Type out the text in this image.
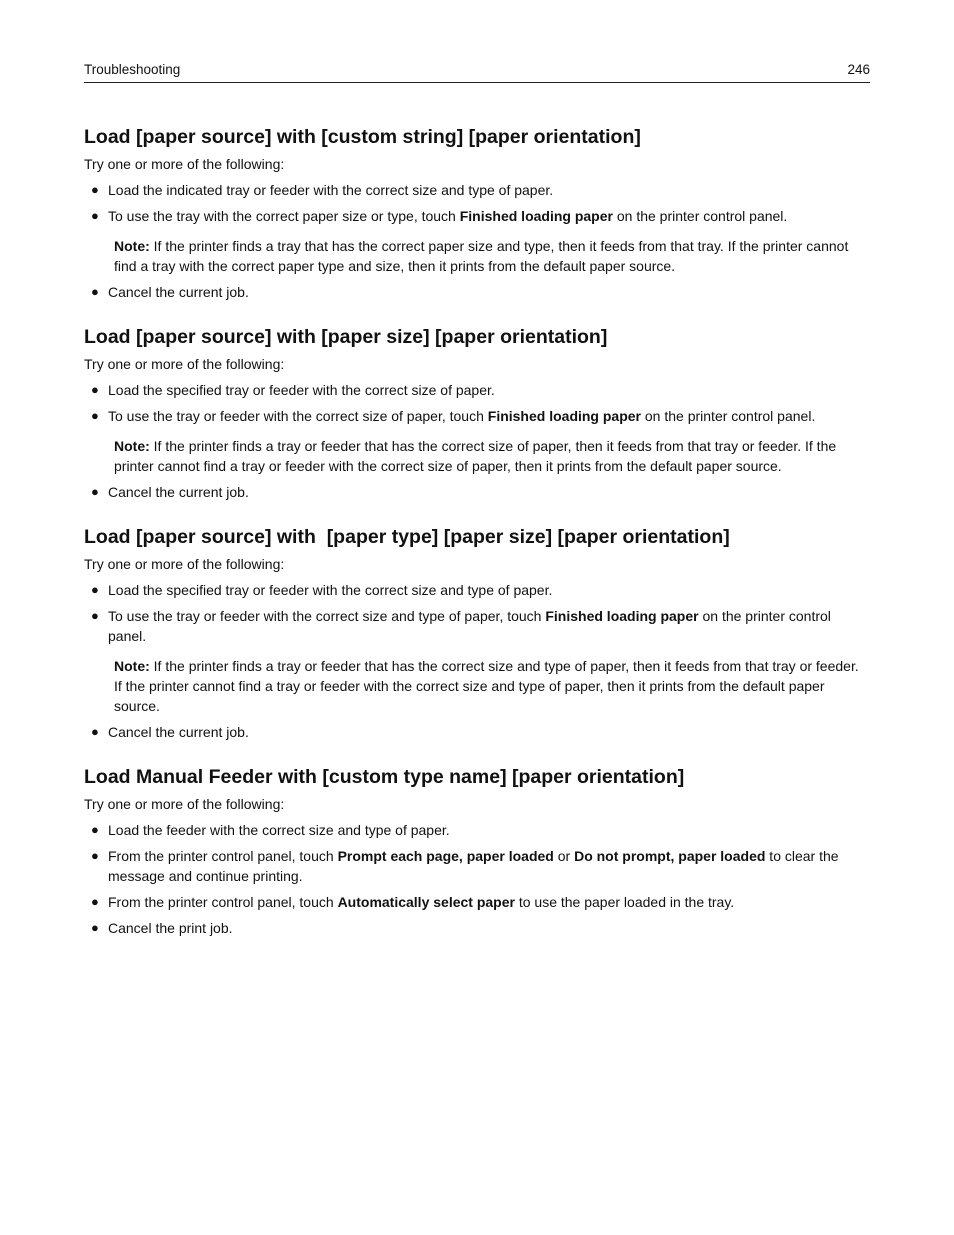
Troubleshooting	246
Load [paper source] with [custom string] [paper orientation]

Try one or more of the following:

● Load the indicated tray or feeder with the correct size and type of paper.
● To use the tray with the correct paper size or type, touch Finished loading paper on the printer control panel.

Note: If the printer finds a tray that has the correct paper size and type, then it feeds from that tray. If the printer cannot find a tray with the correct paper type and size, then it prints from the default paper source.

● Cancel the current job.
Load [paper source] with [paper size] [paper orientation]

Try one or more of the following:

● Load the specified tray or feeder with the correct size of paper.
● To use the tray or feeder with the correct size of paper, touch Finished loading paper on the printer control panel.

Note: If the printer finds a tray or feeder that has the correct size of paper, then it feeds from that tray or feeder. If the printer cannot find a tray or feeder with the correct size of paper, then it prints from the default paper source.

● Cancel the current job.
Load [paper source] with  [paper type] [paper size] [paper orientation]

Try one or more of the following:

● Load the specified tray or feeder with the correct size and type of paper.
● To use the tray or feeder with the correct size and type of paper, touch Finished loading paper on the printer control panel.

Note: If the printer finds a tray or feeder that has the correct size and type of paper, then it feeds from that tray or feeder. If the printer cannot find a tray or feeder with the correct size and type of paper, then it prints from the default paper source.

● Cancel the current job.
Load Manual Feeder with [custom type name] [paper orientation]

Try one or more of the following:

● Load the feeder with the correct size and type of paper.
● From the printer control panel, touch Prompt each page, paper loaded or Do not prompt, paper loaded to clear the message and continue printing.
● From the printer control panel, touch Automatically select paper to use the paper loaded in the tray.
● Cancel the print job.
